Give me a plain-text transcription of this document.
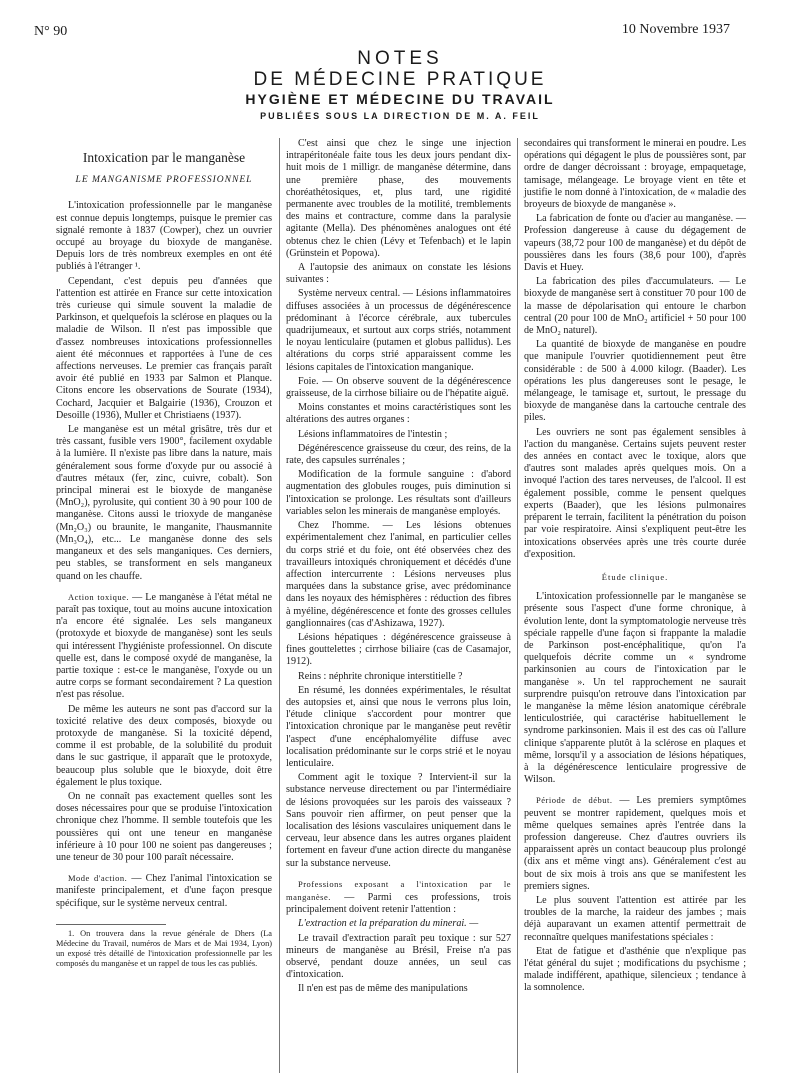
N° 90	10 Novembre 1937
NOTES
DE MÉDECINE PRATIQUE
HYGIÈNE ET MÉDECINE DU TRAVAIL
PUBLIÉES SOUS LA DIRECTION DE M. A. FEIL
Intoxication par le manganèse
LE MANGANISME PROFESSIONNEL

L'intoxication professionnelle par le manganèse est connue depuis longtemps, puisque le premier cas signalé remonte à 1837 (Cowper), chez un ouvrier occupé au broyage du bioxyde de manganèse. Depuis lors de très nombreux exemples en ont été publiés à l'étranger ¹.

Cependant, c'est depuis peu d'années que l'attention est attirée en France sur cette intoxication très curieuse qui simule souvent la maladie de Parkinson, et quelquefois la sclérose en plaques ou la maladie de Wilson. Il n'est pas impossible que d'assez nombreuses intoxications professionnelles aient été méconnues et rapportées à l'une de ces affections nerveuses. Le premier cas français paraît avoir été publié en 1933 par Salmon et Planque. Citons encore les observations de Sourate (1934), Cochard, Jacquier et Balgairie (1936), Crouzon et Desoille (1936), Muller et Christiaens (1937).

Le manganèse est un métal grisâtre, très dur et très cassant, fusible vers 1900°, facilement oxydable à la lumière. Il n'existe pas libre dans la nature, mais généralement sous forme d'oxyde pur ou associé à d'autres métaux (fer, zinc, cuivre, cobalt). Son principal minerai est le bioxyde de manganèse (MnO₂), pyrolusite, qui contient 30 à 90 pour 100 de manganèse. Citons aussi le trioxyde de manganèse (Mn₂O₃) ou braunite, le manganite, l'hausmannite (Mn₃O₄), etc... Le manganèse donne des sels manganeux et des sels manganiques. Ces derniers, peu stables, se transforment en sels manganeux quand on les chauffe.

Action toxique. — Le manganèse à l'état métal ne paraît pas toxique, tout au moins aucune intoxication n'a encore été signalée. Les sels manganeux (protoxyde et bioxyde de manganèse) sont les seuls qui intéressent l'hygiéniste professionnel. On discute quelle est, dans le composé oxydé de manganèse, la partie toxique : est-ce le manganèse, l'oxyde ou un autre corps se formant secondairement ? La question n'est pas résolue.

De même les auteurs ne sont pas d'accord sur la toxicité relative des deux composés, bioxyde ou protoxyde de manganèse. Si la toxicité dépend, comme il est probable, de la solubilité du produit dans le suc gastrique, il apparaît que le protoxyde, beaucoup plus soluble que le bioxyde, doit être également le plus toxique.

On ne connaît pas exactement quelles sont les doses nécessaires pour que se produise l'intoxication chronique chez l'homme. Il semble toutefois que les poussières qui ont une teneur en manganèse inférieure à 10 pour 100 ne soient pas dangereuses ; une teneur de 30 pour 100 paraît nécessaire.

Mode d'action. — Chez l'animal l'intoxication se manifeste principalement, et d'une façon presque spécifique, sur le système nerveux central.

1. On trouvera dans la revue générale de Dhers (La Médecine du Travail, numéros de Mars et de Mai 1934, Lyon) un exposé très détaillé de l'intoxication professionnelle par les composés du manganèse et un rappel de tous les cas publiés.

C'est ainsi que chez le singe une injection intrapéritonéale faite tous les deux jours pendant dix-huit mois de 1 milligr. de manganèse détermine, dans une première phase, des mouvements choréathétosiques, et, plus tard, une rigidité permanente avec troubles de la motilité, tremblements des mains et contracture, comme dans la paralysie agitante (Mella). Des phénomènes analogues ont été obtenus chez le chien (Lévy et Tefenbach) et le lapin (Grünstein et Popowa).

A l'autopsie des animaux on constate les lésions suivantes :

Système nerveux central. — Lésions inflammatoires diffuses associées à un processus de dégénérescence prédominant à l'écorce cérébrale, aux tubercules quadrijumeaux, et surtout aux corps striés, notamment le noyau lenticulaire (putamen et globus pallidus). Les altérations du corps strié apparaissent comme les lésions capitales de l'intoxication manganique.

Foie. — On observe souvent de la dégénérescence graisseuse, de la cirrhose biliaire ou de l'hépatite aiguë.

Moins constantes et moins caractéristiques sont les altérations des autres organes :

Lésions inflammatoires de l'intestin ;

Dégénérescence graisseuse du cœur, des reins, de la rate, des capsules surrénales ;

Modification de la formule sanguine : d'abord augmentation des globules rouges, puis diminution si l'intoxication se prolonge. Les résultats sont d'ailleurs variables selon les minerais de manganèse employés.

Chez l'homme. — Les lésions obtenues expérimentalement chez l'animal, en particulier celles du corps strié et du foie, ont été observées chez des travailleurs intoxiqués chroniquement et décédés d'une affection intercurrente : Lésions nerveuses plus marquées dans la substance grise, avec prédominance dans les noyaux des hémisphères : réduction des fibres à myéline, dégénérescence et fonte des grosses cellules ganglionnaires (cas d'Ashizawa, 1927).

Lésions hépatiques : dégénérescence graisseuse à fines gouttelettes ; cirrhose biliaire (cas de Casamajor, 1912).

Reins : néphrite chronique interstitielle ?

En résumé, les données expérimentales, le résultat des autopsies et, ainsi que nous le verrons plus loin, l'étude clinique s'accordent pour montrer que l'intoxication chronique par le manganèse peut revêtir l'aspect d'une encéphalomyélite diffuse avec localisation prédominante sur le corps strié et le noyau lenticulaire.

Comment agit le toxique ? Intervient-il sur la substance nerveuse directement ou par l'intermédiaire de lésions provoquées sur les parois des vaisseaux ? Sans pouvoir rien affirmer, on peut penser que la localisation des lésions vasculaires uniquement dans le cerveau, leur absence dans les autres organes plaident fortement en faveur d'une action directe du manganèse sur la substance nerveuse.

Professions exposant a l'intoxication par le manganèse. — Parmi ces professions, trois principalement doivent retenir l'attention :

L'extraction et la préparation du minerai. —

Le travail d'extraction paraît peu toxique : sur 527 mineurs de manganèse au Brésil, Freise n'a pas observé, pendant douze années, un seul cas d'intoxication.

Il n'en est pas de même des manipulations

secondaires qui transforment le minerai en poudre. Les opérations qui dégagent le plus de poussières sont, par ordre de danger décroissant : broyage, empaquetage, tamisage, mélangeage. Le broyage vient en tête et justifie le nom donné à l'intoxication, de « maladie des broyeurs de bioxyde de manganèse ».

La fabrication de fonte ou d'acier au manganèse. — Profession dangereuse à cause du dégagement de vapeurs (38,72 pour 100 de manganèse) et du dépôt de poussières dans les fours (38,6 pour 100), d'après Davis et Huey.

La fabrication des piles d'accumulateurs. — Le bioxyde de manganèse sert à constituer 70 pour 100 de la masse de dépolarisation qui entoure le charbon central (20 pour 100 de MnO₂ artificiel + 50 pour 100 de MnO₂ naturel).

La quantité de bioxyde de manganèse en poudre que manipule l'ouvrier quotidiennement peut être considérable : de 500 à 4.000 kilogr. (Baader). Les opérations les plus dangereuses sont le pesage, le mélangeage, le tamisage et, surtout, le pressage du bioxyde de manganèse dans la cartouche centrale des piles.

Les ouvriers ne sont pas également sensibles à l'action du manganèse. Certains sujets peuvent rester des années en contact avec le toxique, alors que d'autres sont malades après quelques mois. On a invoqué l'action des tares nerveuses, de l'alcool. Il est également possible, comme le pensent quelques experts (Baader), que les lésions pulmonaires préparent le terrain, facilitent la pénétration du poison par voie respiratoire. Ainsi s'expliquent peut-être les intoxications observées après une très courte durée d'exposition.

Étude clinique.

L'intoxication professionnelle par le manganèse se présente sous l'aspect d'une forme chronique, à évolution lente, dont la symptomatologie nerveuse très spéciale rappelle d'une façon si frappante la maladie de Parkinson post-encéphalitique, qu'on l'a quelquefois décrite comme un « syndrome parkinsonien au cours de l'intoxication par le manganèse ». Un tel rapprochement ne saurait surprendre puisqu'on retrouve dans l'intoxication par le manganèse la même lésion anatomique cérébrale lenticulostriée, qui caractérise habituellement le syndrome parkinsonien. Mais il est des cas où l'allure clinique s'apparente plutôt à la sclérose en plaques et même, lorsqu'il y a association de lésions hépatiques, à la dégénérescence lenticulaire progressive de Wilson.

Période de début. — Les premiers symptômes peuvent se montrer rapidement, quelques mois et même quelques semaines après l'entrée dans la profession dangereuse. Chez d'autres ouvriers ils apparaissent après un contact beaucoup plus prolongé (dix ans et même vingt ans). Généralement c'est au bout de six mois à trois ans que se manifestent les premiers signes.

Le plus souvent l'attention est attirée par les troubles de la marche, la raideur des jambes ; mais déjà auparavant un examen attentif permettrait de reconnaître quelques manifestations spéciales :

Etat de fatigue et d'asthénie que n'explique pas l'état général du sujet ; modifications du psychisme ; malade indifférent, apathique, silencieux ; tendance à la somnolence.
